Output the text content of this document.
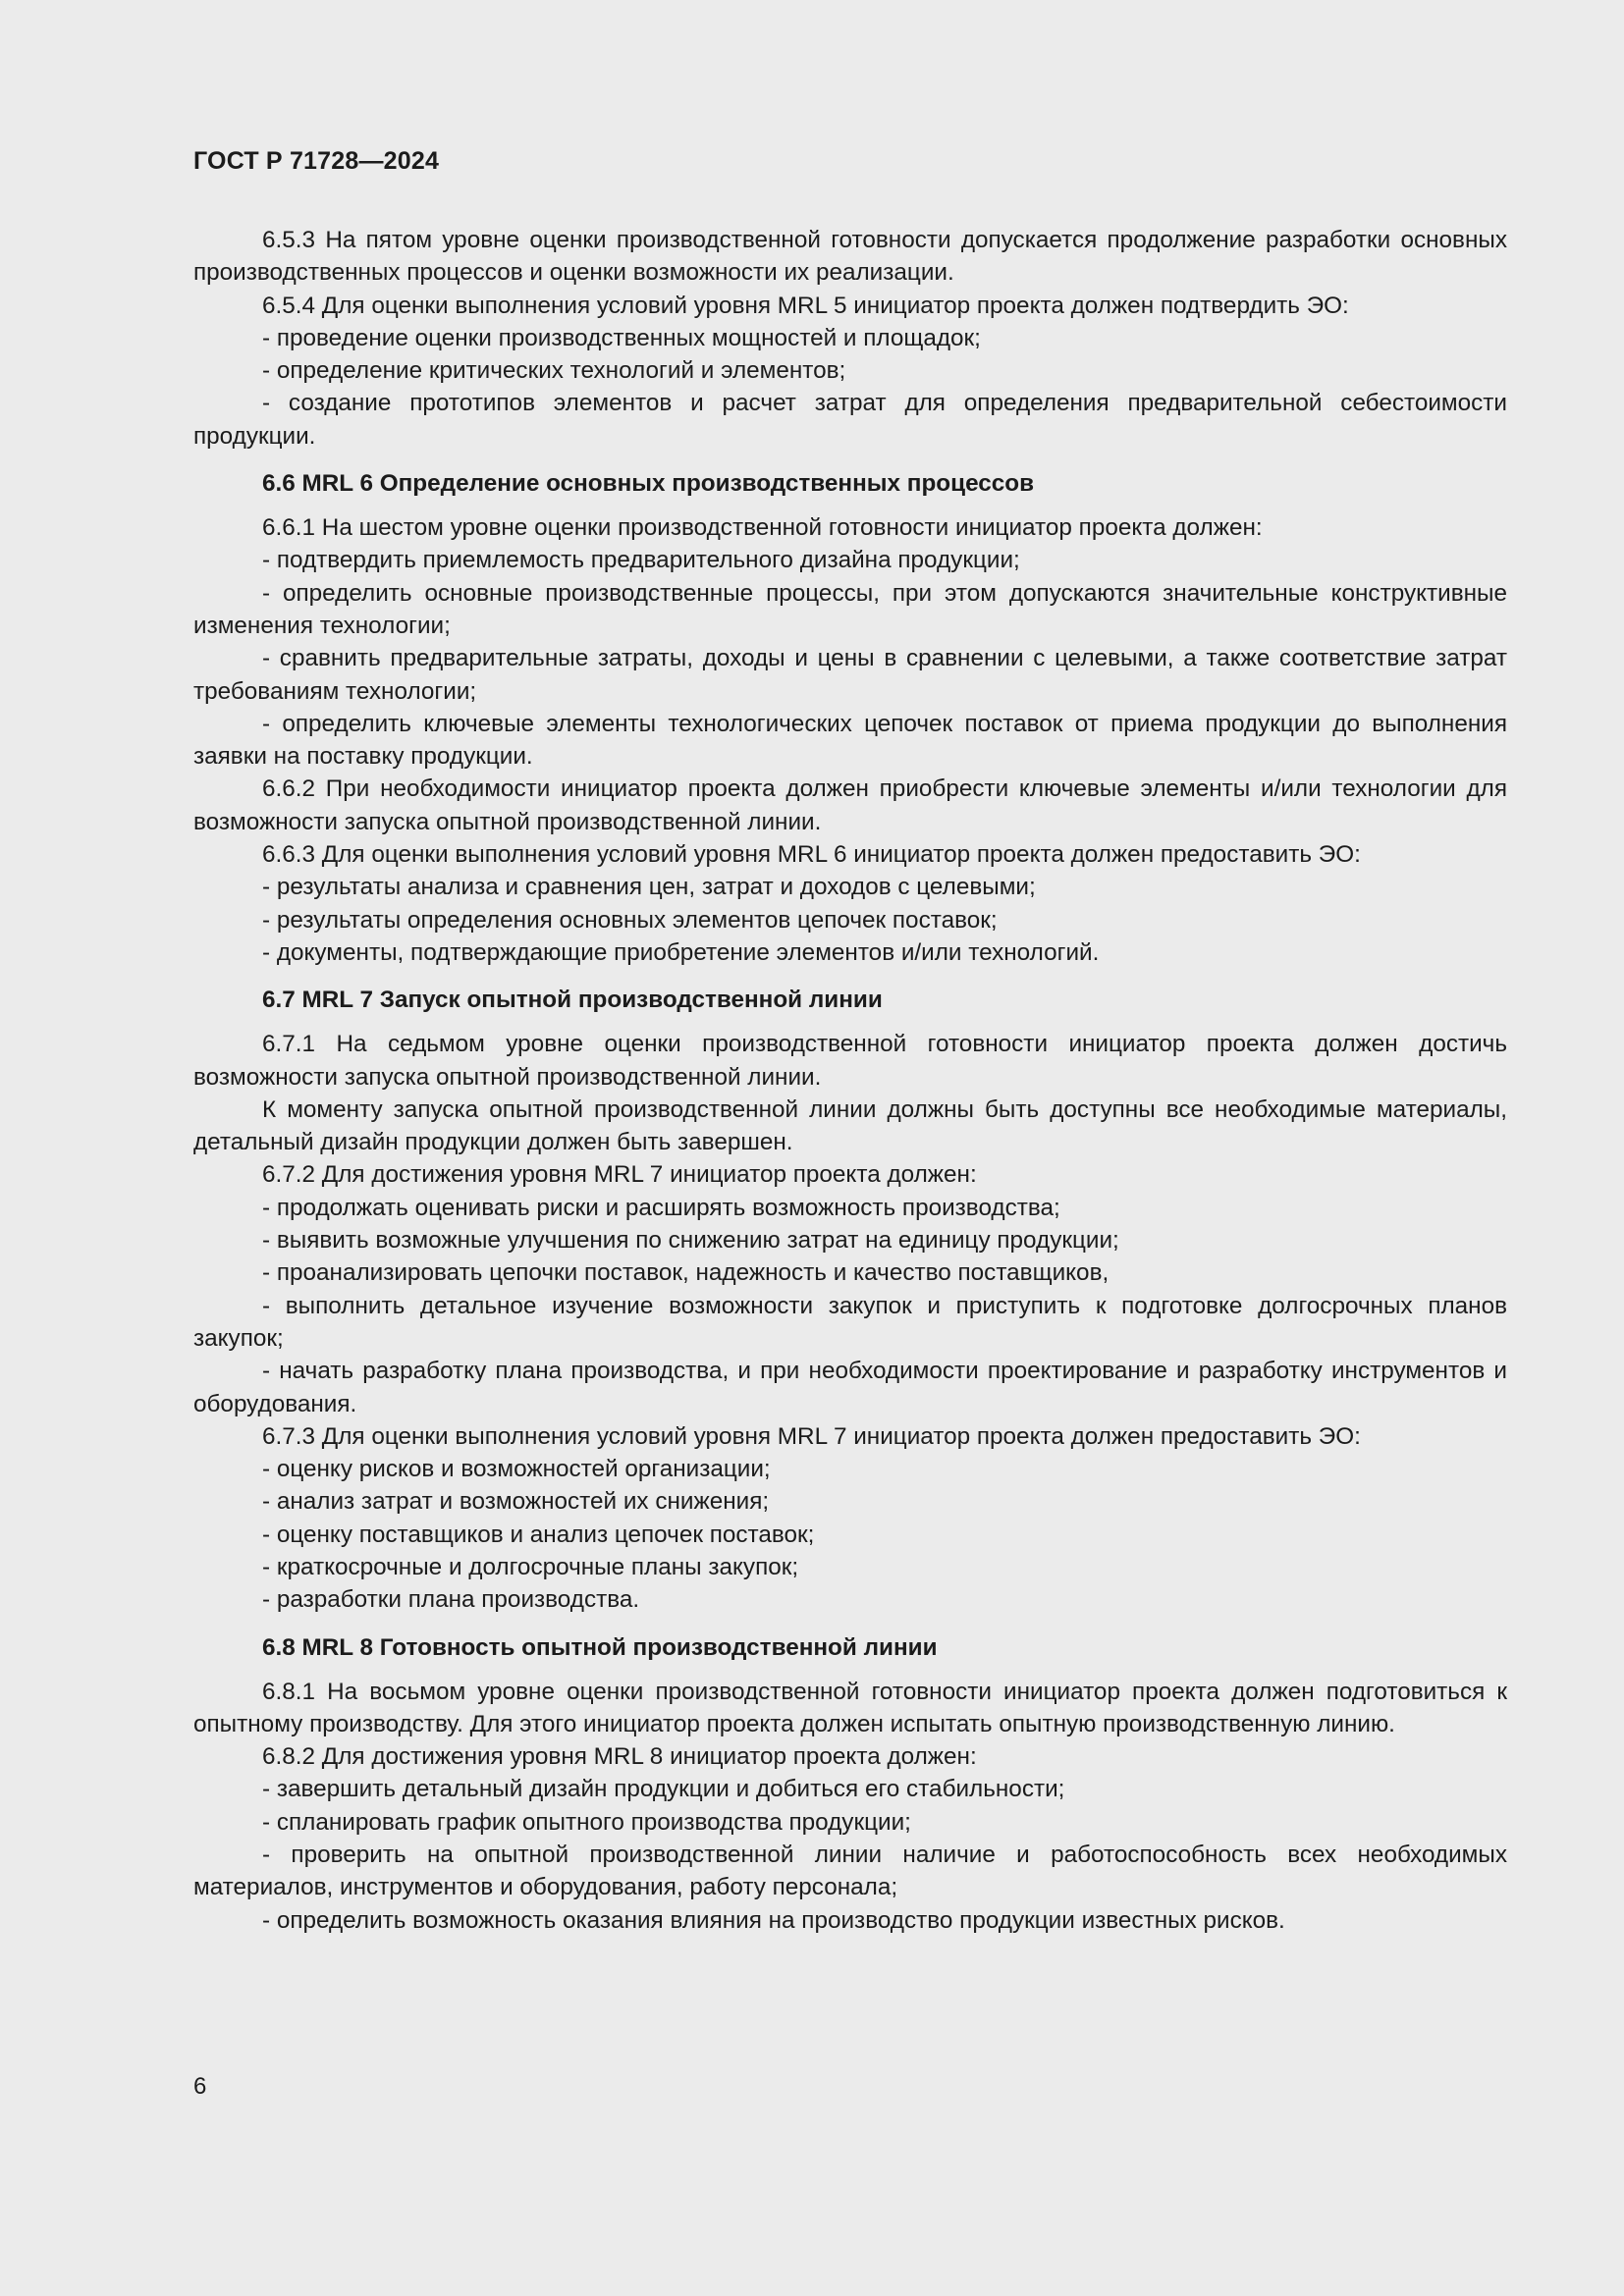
ГОСТ Р 71728—2024

6.5.3 На пятом уровне оценки производственной готовности допускается продолжение разработки основных производственных процессов и оценки возможности их реализации.

6.5.4 Для оценки выполнения условий уровня MRL 5 инициатор проекта должен подтвердить ЭО:

- проведение оценки производственных мощностей и площадок;

- определение критических технологий и элементов;

- создание прототипов элементов и расчет затрат для определения предварительной себестоимости продукции.

6.6 MRL 6 Определение основных производственных процессов

6.6.1 На шестом уровне оценки производственной готовности инициатор проекта должен:

- подтвердить приемлемость предварительного дизайна продукции;

- определить основные производственные процессы, при этом допускаются значительные конструктивные изменения технологии;

- сравнить предварительные затраты, доходы и цены в сравнении с целевыми, а также соответствие затрат требованиям технологии;

- определить ключевые элементы технологических цепочек поставок от приема продукции до выполнения заявки на поставку продукции.

6.6.2 При необходимости инициатор проекта должен приобрести ключевые элементы и/или технологии для возможности запуска опытной производственной линии.

6.6.3 Для оценки выполнения условий уровня MRL 6 инициатор проекта должен предоставить ЭО:

- результаты анализа и сравнения цен, затрат и доходов с целевыми;

- результаты определения основных элементов цепочек поставок;

- документы, подтверждающие приобретение элементов и/или технологий.

6.7 MRL 7 Запуск опытной производственной линии

6.7.1 На седьмом уровне оценки производственной готовности инициатор проекта должен достичь возможности запуска опытной производственной линии.

К моменту запуска опытной производственной линии должны быть доступны все необходимые материалы, детальный дизайн продукции должен быть завершен.

6.7.2 Для достижения уровня MRL 7 инициатор проекта должен:

- продолжать оценивать риски и расширять возможность производства;

- выявить возможные улучшения по снижению затрат на единицу продукции;

- проанализировать цепочки поставок, надежность и качество поставщиков,

- выполнить детальное изучение возможности закупок и приступить к подготовке долгосрочных планов закупок;

- начать разработку плана производства, и при необходимости проектирование и разработку инструментов и оборудования.

6.7.3 Для оценки выполнения условий уровня MRL 7 инициатор проекта должен предоставить ЭО:

- оценку рисков и возможностей организации;

- анализ затрат и возможностей их снижения;

- оценку поставщиков и анализ цепочек поставок;

- краткосрочные и долгосрочные планы закупок;

- разработки плана производства.

6.8 MRL 8 Готовность опытной производственной линии

6.8.1 На восьмом уровне оценки производственной готовности инициатор проекта должен подготовиться к опытному производству. Для этого инициатор проекта должен испытать опытную производственную линию.

6.8.2 Для достижения уровня MRL 8 инициатор проекта должен:

- завершить детальный дизайн продукции и добиться его стабильности;

- спланировать график опытного производства продукции;

- проверить на опытной производственной линии наличие и работоспособность всех необходимых материалов, инструментов и оборудования, работу персонала;

- определить возможность оказания влияния на производство продукции известных рисков.

6
